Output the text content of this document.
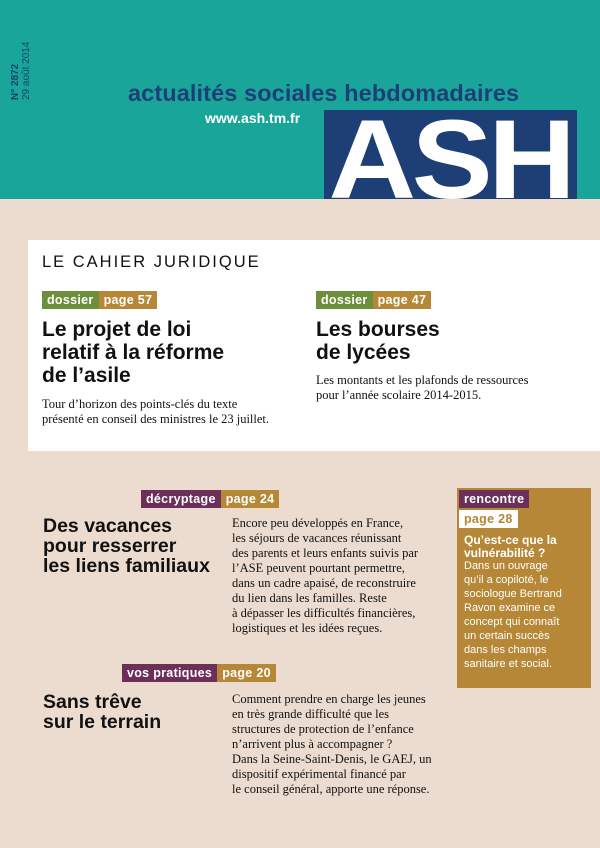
N° 2872
29 août 2014	actualités sociales hebdomadaires
www.ash.tm.fr ASH
LE CAHIER JURIDIQUE
dossier page 57
Le projet de loi
relatif à la réforme
de l’asile
Tour d’horizon des points-clés du texte
présenté en conseil des ministres le 23 juillet.
dossier page 47
Les bourses
de lycées
Les montants et les plafonds de ressources
pour l’année scolaire 2014-2015.
décryptage page 24
Des vacances
pour resserrer
les liens familiaux
Encore peu développés en France,
les séjours de vacances réunissant
des parents et leurs enfants suivis par
l’ASE peuvent pourtant permettre,
dans un cadre apaisé, de reconstruire
du lien dans les familles. Reste
à dépasser les difficultés financières,
logistiques et les idées reçues.
vos pratiques page 20
Sans trêve
sur le terrain
Comment prendre en charge les jeunes
en très grande difficulté que les
structures de protection de l’enfance
n’arrivent plus à accompagner ?
Dans la Seine-Saint-Denis, le GAEJ, un
dispositif expérimental financé par
le conseil général, apporte une réponse.
rencontre
page 28
Qu’est-ce que la
vulnérabilité ?
Dans un ouvrage
qu’il a copiloté, le
sociologue Bertrand
Ravon examine ce
concept qui connaît
un certain succès
dans les champs
sanitaire et social.
